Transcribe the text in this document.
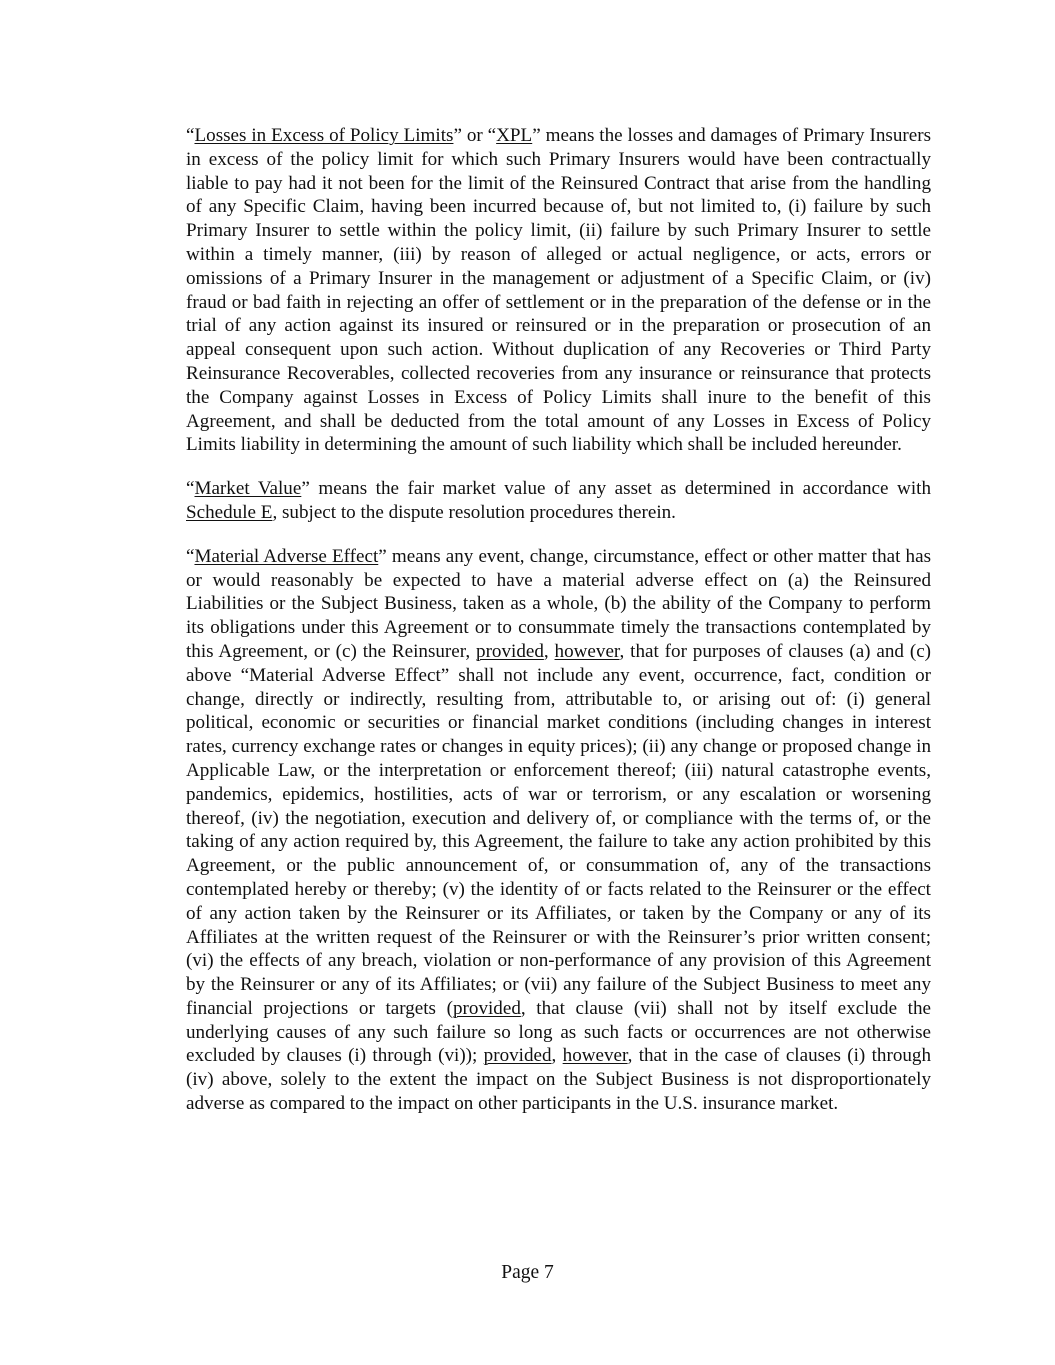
“Losses in Excess of Policy Limits” or “XPL” means the losses and damages of Primary Insurers in excess of the policy limit for which such Primary Insurers would have been contractually liable to pay had it not been for the limit of the Reinsured Contract that arise from the handling of any Specific Claim, having been incurred because of, but not limited to, (i) failure by such Primary Insurer to settle within the policy limit, (ii) failure by such Primary Insurer to settle within a timely manner, (iii) by reason of alleged or actual negligence, or acts, errors or omissions of a Primary Insurer in the management or adjustment of a Specific Claim, or (iv) fraud or bad faith in rejecting an offer of settlement or in the preparation of the defense or in the trial of any action against its insured or reinsured or in the preparation or prosecution of an appeal consequent upon such action. Without duplication of any Recoveries or Third Party Reinsurance Recoverables, collected recoveries from any insurance or reinsurance that protects the Company against Losses in Excess of Policy Limits shall inure to the benefit of this Agreement, and shall be deducted from the total amount of any Losses in Excess of Policy Limits liability in determining the amount of such liability which shall be included hereunder.

“Market Value” means the fair market value of any asset as determined in accordance with Schedule E, subject to the dispute resolution procedures therein.

“Material Adverse Effect” means any event, change, circumstance, effect or other matter that has or would reasonably be expected to have a material adverse effect on (a) the Reinsured Liabilities or the Subject Business, taken as a whole, (b) the ability of the Company to perform its obligations under this Agreement or to consummate timely the transactions contemplated by this Agreement, or (c) the Reinsurer, provided, however, that for purposes of clauses (a) and (c) above “Material Adverse Effect” shall not include any event, occurrence, fact, condition or change, directly or indirectly, resulting from, attributable to, or arising out of: (i) general political, economic or securities or financial market conditions (including changes in interest rates, currency exchange rates or changes in equity prices); (ii) any change or proposed change in Applicable Law, or the interpretation or enforcement thereof; (iii) natural catastrophe events, pandemics, epidemics, hostilities, acts of war or terrorism, or any escalation or worsening thereof, (iv) the negotiation, execution and delivery of, or compliance with the terms of, or the taking of any action required by, this Agreement, the failure to take any action prohibited by this Agreement, or the public announcement of, or consummation of, any of the transactions contemplated hereby or thereby; (v) the identity of or facts related to the Reinsurer or the effect of any action taken by the Reinsurer or its Affiliates, or taken by the Company or any of its Affiliates at the written request of the Reinsurer or with the Reinsurer’s prior written consent; (vi) the effects of any breach, violation or non-performance of any provision of this Agreement by the Reinsurer or any of its Affiliates; or (vii) any failure of the Subject Business to meet any financial projections or targets (provided, that clause (vii) shall not by itself exclude the underlying causes of any such failure so long as such facts or occurrences are not otherwise excluded by clauses (i) through (vi)); provided, however, that in the case of clauses (i) through (iv) above, solely to the extent the impact on the Subject Business is not disproportionately adverse as compared to the impact on other participants in the U.S. insurance market.

Page 7
